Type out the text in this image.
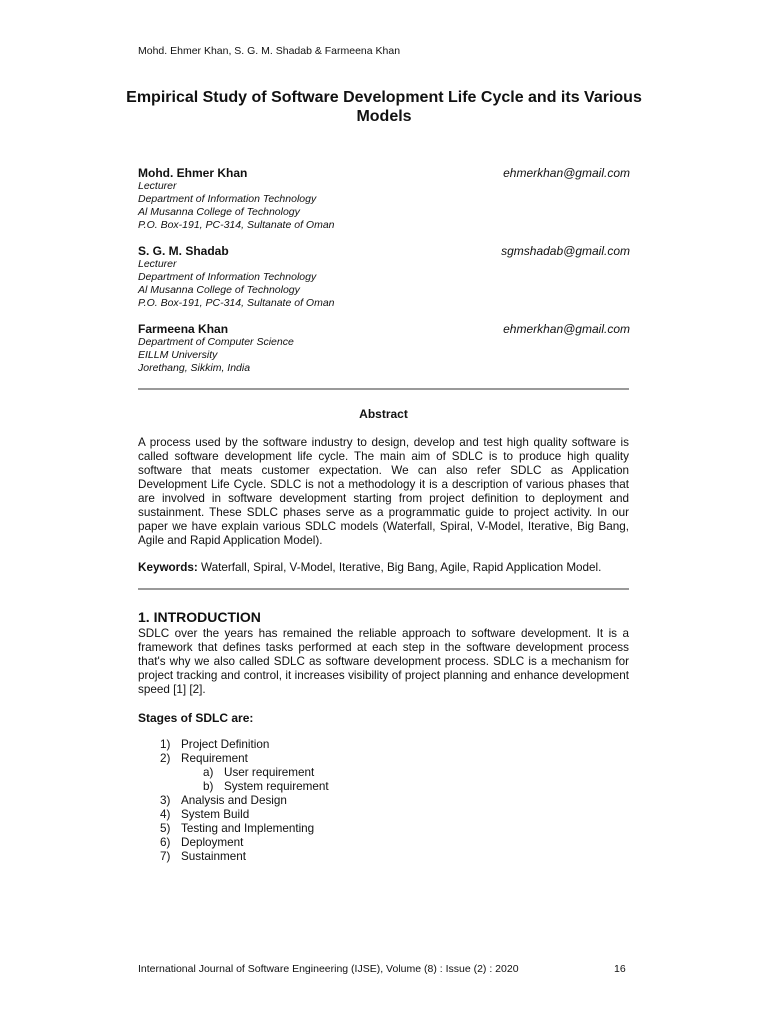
Mohd. Ehmer Khan, S. G. M. Shadab & Farmeena Khan
Empirical Study of Software Development Life Cycle and its Various Models
Mohd. Ehmer Khan	ehmerkhan@gmail.com
Lecturer
Department of Information Technology
Al Musanna College of Technology
P.O. Box-191, PC-314, Sultanate of Oman
S. G. M. Shadab	sgmshadab@gmail.com
Lecturer
Department of Information Technology
Al Musanna College of Technology
P.O. Box-191, PC-314, Sultanate of Oman
Farmeena Khan	ehmerkhan@gmail.com
Department of Computer Science
EILLM University
Jorethang, Sikkim, India
Abstract
A process used by the software industry to design, develop and test high quality software is called software development life cycle. The main aim of SDLC is to produce high quality software that meats customer expectation. We can also refer SDLC as Application Development Life Cycle. SDLC is not a methodology it is a description of various phases that are involved in software development starting from project definition to deployment and sustainment. These SDLC phases serve as a programmatic guide to project activity. In our paper we have explain various SDLC models (Waterfall, Spiral, V-Model, Iterative, Big Bang, Agile and Rapid Application Model).
Keywords: Waterfall, Spiral, V-Model, Iterative, Big Bang, Agile, Rapid Application Model.
1. INTRODUCTION
SDLC over the years has remained the reliable approach to software development. It is a framework that defines tasks performed at each step in the software development process that's why we also called SDLC as software development process. SDLC is a mechanism for project tracking and control, it increases visibility of project planning and enhance development speed [1] [2].
Stages of SDLC are:
1) Project Definition
2) Requirement
a) User requirement
b) System requirement
3) Analysis and Design
4) System Build
5) Testing and Implementing
6) Deployment
7) Sustainment
International Journal of Software Engineering (IJSE), Volume (8) : Issue (2) : 2020	16
